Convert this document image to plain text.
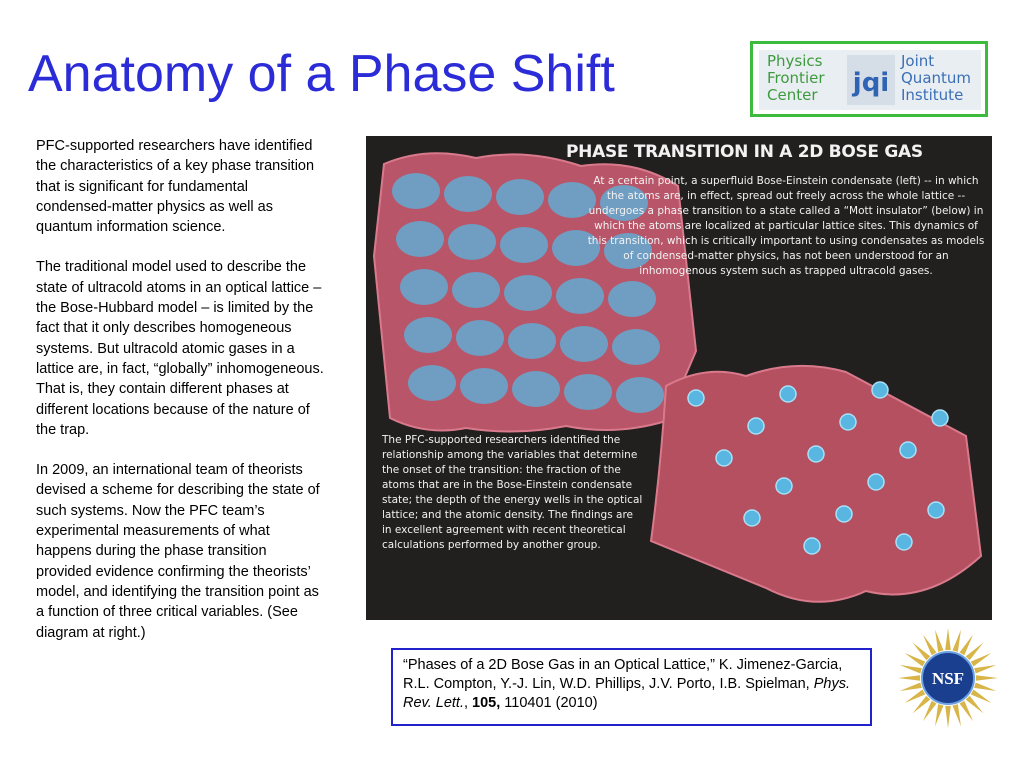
Anatomy of a Phase Shift	Physics
Frontier
Center jqi
Joint
Quantum
Institute

PFC-supported researchers have identified the characteristics of a key phase transition that is significant for fundamental condensed-matter physics as well as quantum information science.

The traditional model used to describe the state of ultracold atoms in an optical lattice – the Bose-Hubbard model – is limited by the fact that it only describes homogeneous systems. But ultracold atomic gases in a lattice are, in fact, “globally” inhomogeneous. That is, they contain different phases at different locations because of the nature of the trap.

In 2009, an international team of theorists devised a scheme for describing the state of such systems. Now the PFC team’s experimental measurements of what happens during the phase transition provided evidence confirming the theorists’ model, and identifying the transition point as a function of three critical variables. (See diagram at right.)

PHASE TRANSITION IN A 2D BOSE GAS
At a certain point, a superfluid Bose-Einstein condensate (left) -- in which the atoms are, in effect, spread out freely across the whole lattice -- undergoes a phase transition to a state called a “Mott insulator” (below) in which the atoms are localized at particular lattice sites. This dynamics of this transition, which is critically important to using condensates as models of condensed-matter physics, has not been understood for an inhomogenous system such as trapped ultracold gases.
The PFC-supported researchers identified the relationship among the variables that determine the onset of the transition: the fraction of the atoms that are in the Bose-Einstein condensate state; the depth of the energy wells in the optical lattice; and the atomic density. The findings are in excellent agreement with recent theoretical calculations performed by another group.
“Phases of a 2D Bose Gas in an Optical Lattice,” K. Jimenez-Garcia, R.L. Compton, Y.-J. Lin, W.D. Phillips, J.V. Porto, I.B. Spielman, Phys. Rev. Lett., 105, 110401 (2010)
NSF
